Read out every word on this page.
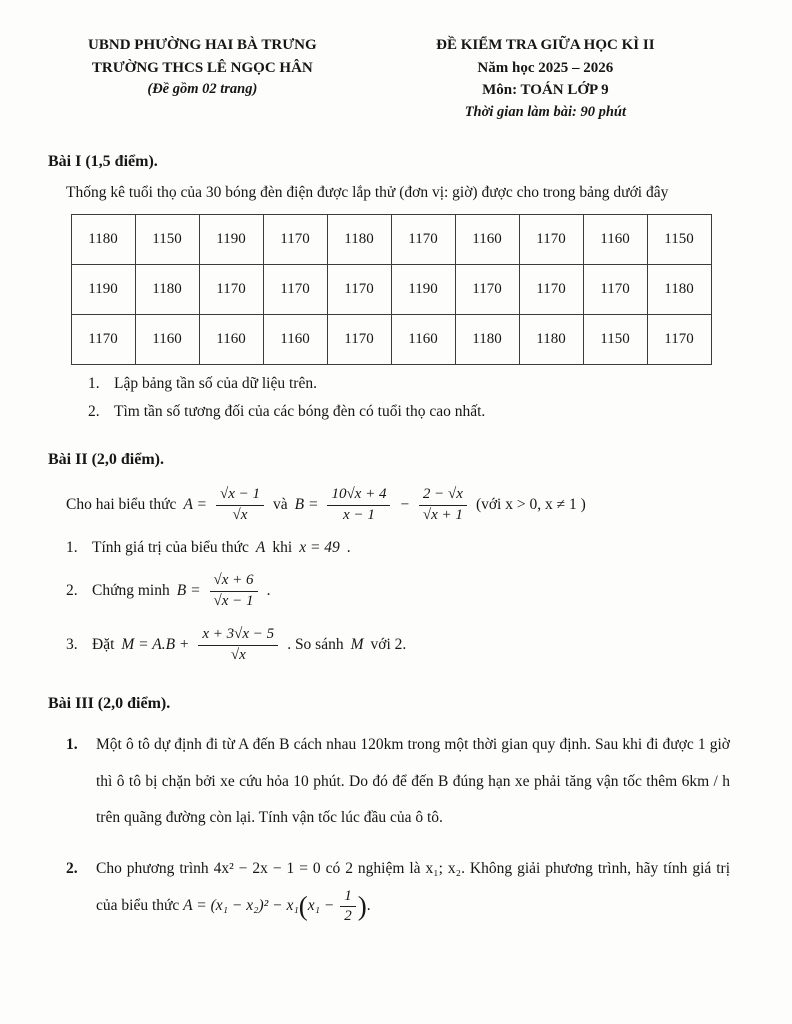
UBND PHƯỜNG HAI BÀ TRƯNG
TRƯỜNG THCS LÊ NGỌC HÂN
(Đề gồm 02 trang)
ĐỀ KIỂM TRA GIỮA HỌC KÌ II
Năm học 2025 – 2026
Môn: TOÁN LỚP 9
Thời gian làm bài: 90 phút
Bài I (1,5 điểm).

Thống kê tuổi thọ của 30 bóng đèn điện được lắp thử (đơn vị: giờ) được cho trong bảng dưới đây

1180	1150	1190	1170	1180	1170	1160	1170	1160	1150
1190	1180	1170	1170	1170	1190	1170	1170	1170	1180
1170	1160	1160	1160	1170	1160	1180	1180	1150	1170
1. Lập bảng tần số của dữ liệu trên.
2. Tìm tần số tương đối của các bóng đèn có tuổi thọ cao nhất.
Bài II (2,0 điểm).
Cho hai biểu thức $A = \frac{√x - 1}{√x}$ và $B = \frac{10√x + 4}{x - 1} - \frac{2 - √x}{√x + 1}$ (với x > 0, x ≠ 1 )
1. Tính giá trị của biểu thức A khi x = 49 .
2. Chứng minh $B = \frac{√x + 6}{√x - 1}$ .
3. Đặt $M = A.B + \frac{x + 3√x - 5}{√x}$ . So sánh M với 2.
Bài III (2,0 điểm).
1.	Một ô tô dự định đi từ A đến B cách nhau 120km trong một thời gian quy định. Sau khi đi được 1 giờ thì ô tô bị chặn bởi xe cứu hỏa 10 phút. Do đó để đến B đúng hạn xe phải tăng vận tốc thêm 6km / h trên quãng đường còn lại. Tính vận tốc lúc đầu của ô tô.
2.	Cho phương trình 4x² − 2x − 1 = 0 có 2 nghiệm là x₁; x₂. Không giải phương trình, hãy tính giá trị của biểu thức $A = (x_1 - x_2)^2 - x_1(x_1 - \frac{1}{2}$ ).
